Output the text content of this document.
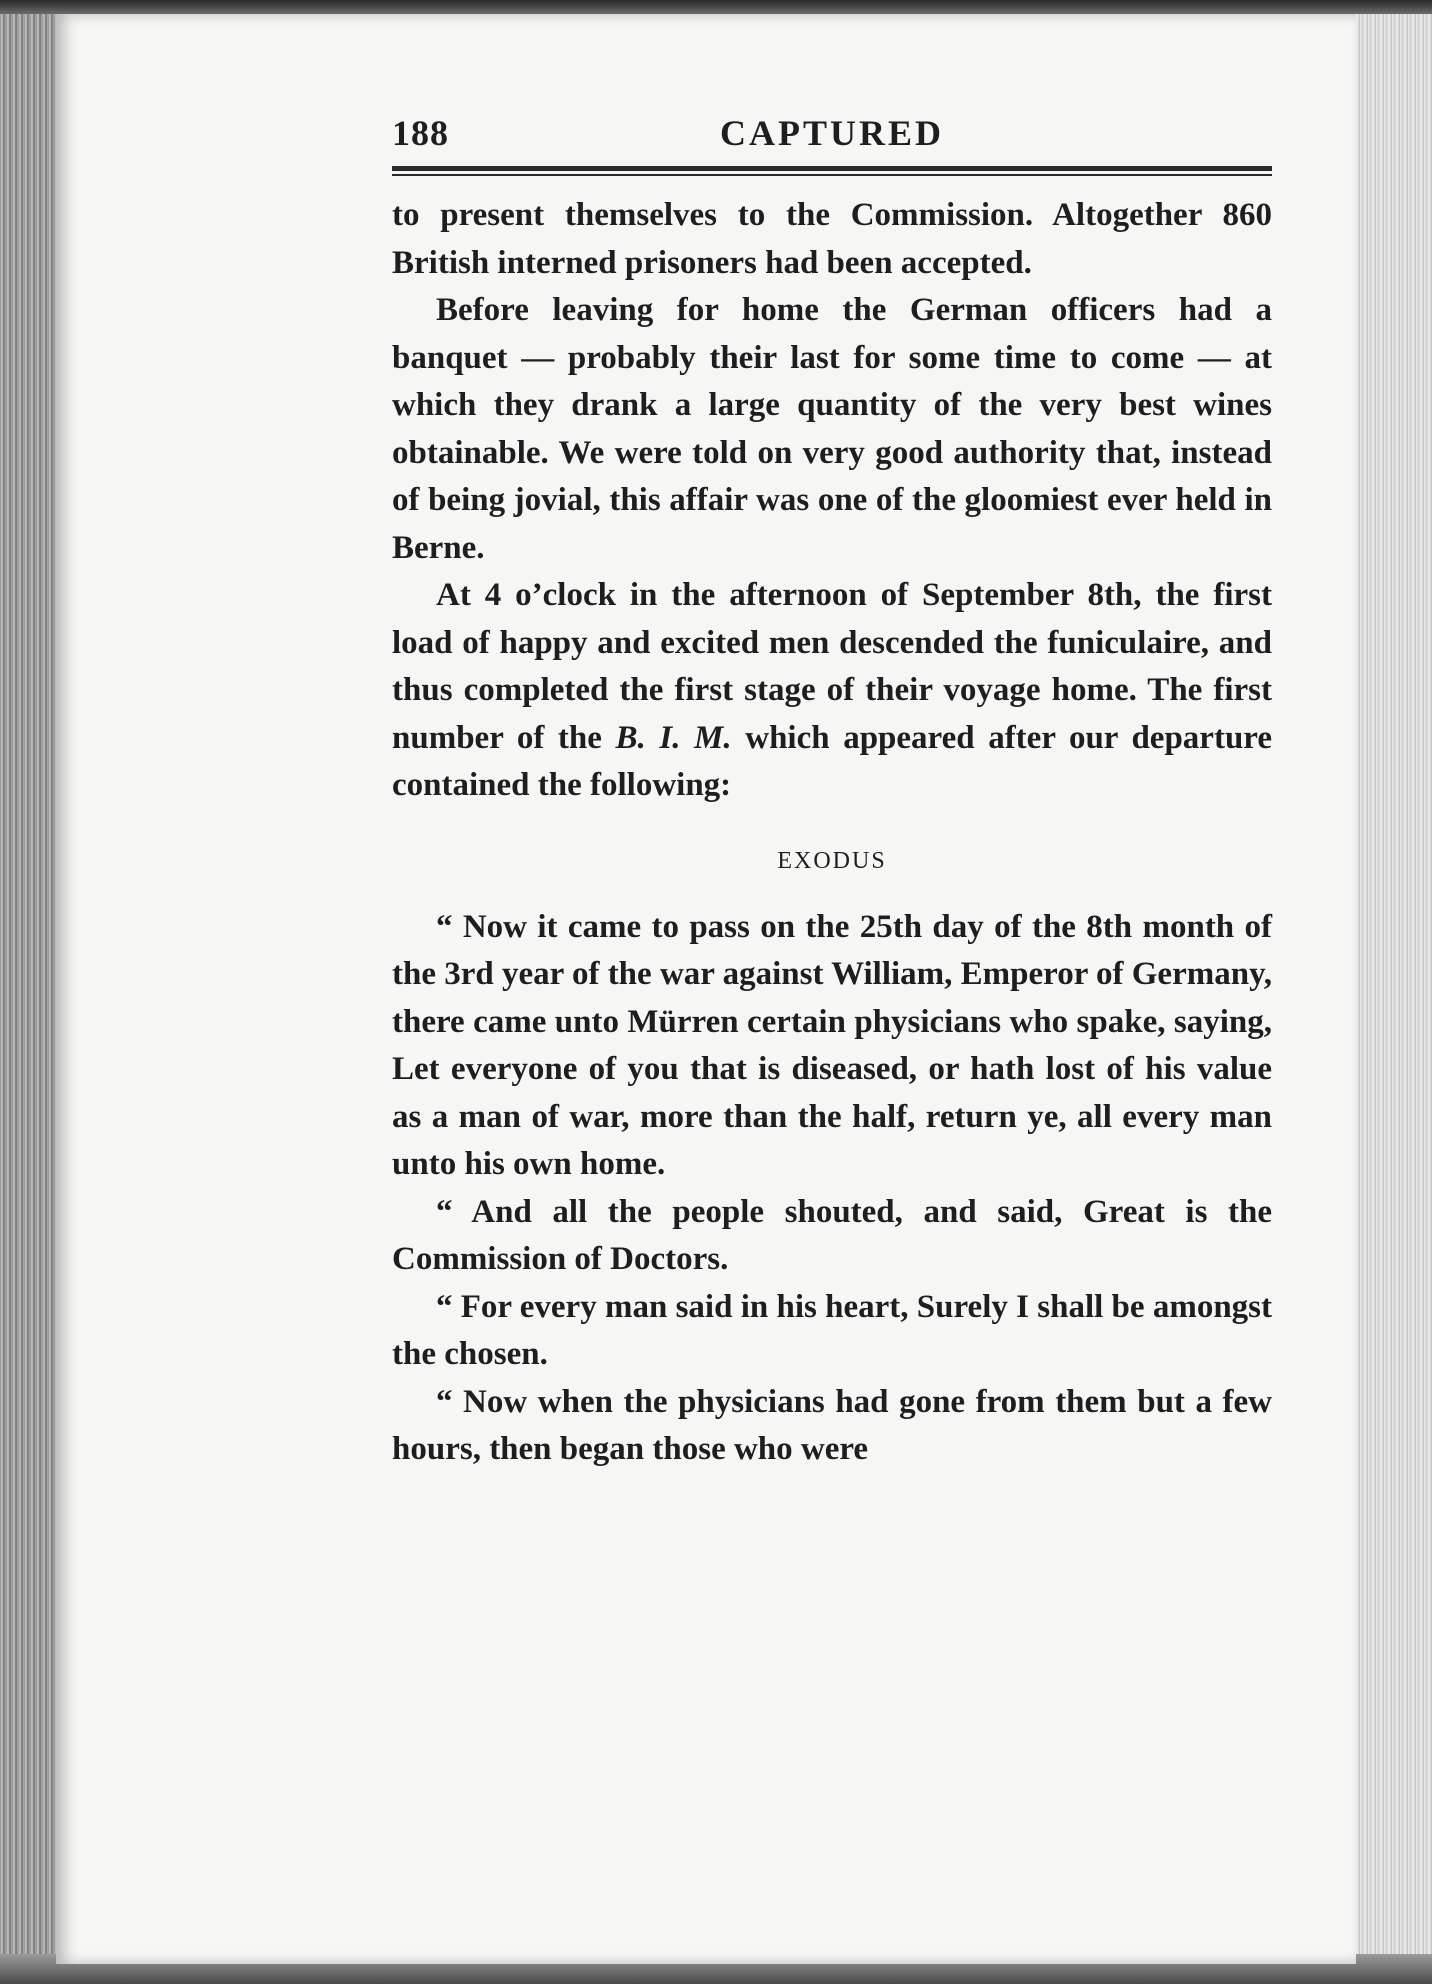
188	CAPTURED

to present themselves to the Commission. Altogether 860 British interned prisoners had been accepted.

Before leaving for home the German officers had a banquet — probably their last for some time to come — at which they drank a large quantity of the very best wines obtainable. We were told on very good authority that, instead of being jovial, this affair was one of the gloomiest ever held in Berne.

At 4 o’clock in the afternoon of September 8th, the first load of happy and excited men descended the funiculaire, and thus completed the first stage of their voyage home. The first number of the B. I. M. which appeared after our departure contained the following:

EXODUS

“ Now it came to pass on the 25th day of the 8th month of the 3rd year of the war against William, Emperor of Germany, there came unto Mürren certain physicians who spake, saying, Let everyone of you that is diseased, or hath lost of his value as a man of war, more than the half, return ye, all every man unto his own home.

“ And all the people shouted, and said, Great is the Commission of Doctors.

“ For every man said in his heart, Surely I shall be amongst the chosen.

“ Now when the physicians had gone from them but a few hours, then began those who were
